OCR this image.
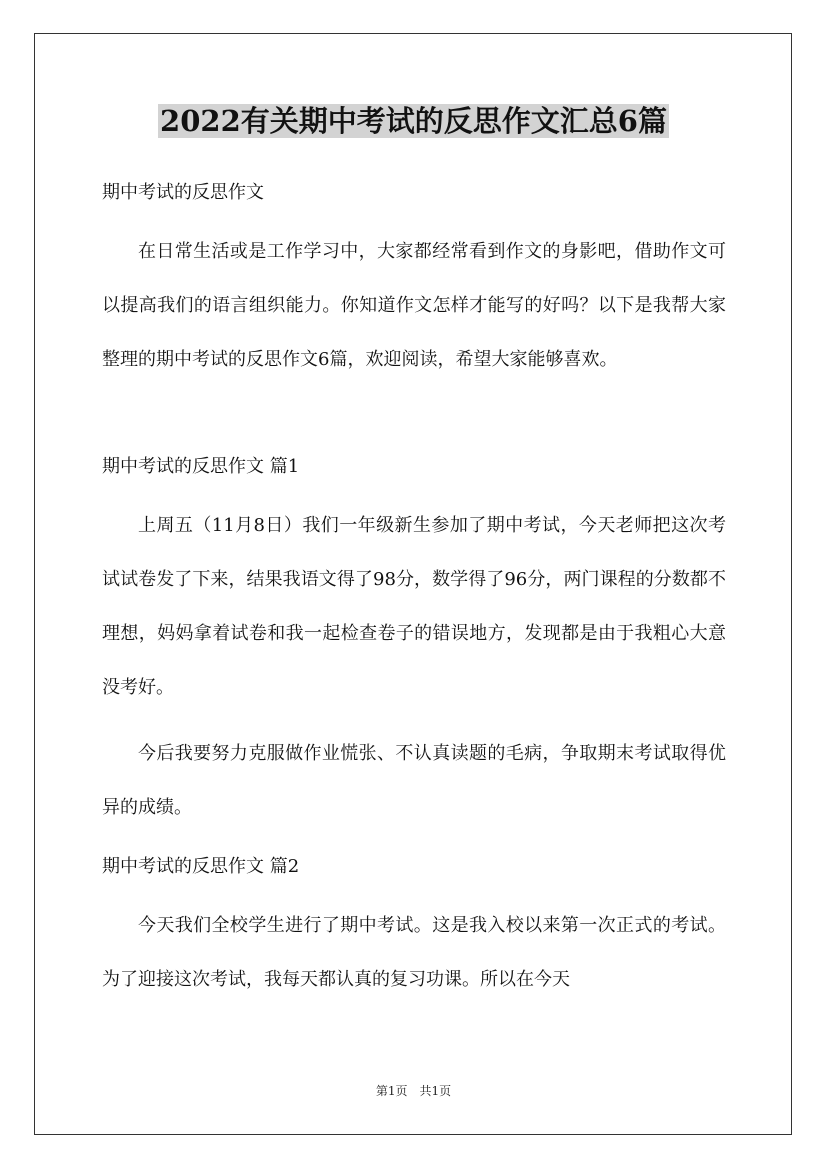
2022有关期中考试的反思作文汇总6篇

期中考试的反思作文

在日常生活或是工作学习中，大家都经常看到作文的身影吧，借助作文可以提高我们的语言组织能力。你知道作文怎样才能写的好吗？以下是我帮大家整理的期中考试的反思作文6篇，欢迎阅读，希望大家能够喜欢。

期中考试的反思作文 篇1

上周五（11月8日）我们一年级新生参加了期中考试，今天老师把这次考试试卷发了下来，结果我语文得了98分，数学得了96分，两门课程的分数都不理想，妈妈拿着试卷和我一起检查卷子的错误地方，发现都是由于我粗心大意没考好。

今后我要努力克服做作业慌张、不认真读题的毛病，争取期末考试取得优异的成绩。

期中考试的反思作文 篇2

今天我们全校学生进行了期中考试。这是我入校以来第一次正式的考试。为了迎接这次考试，我每天都认真的复习功课。所以在今天

第1页　共1页
